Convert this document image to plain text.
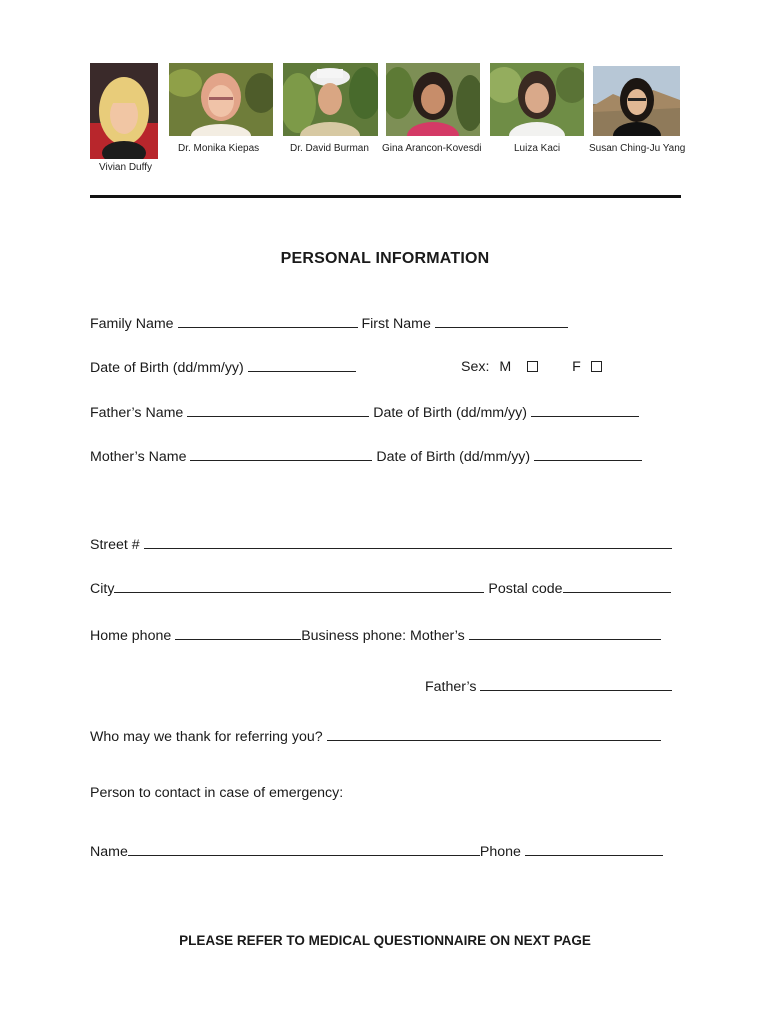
Vivian Duffy
Dr. Monika Kiepas	Dr. David Burman Gina Arancon-Kovesdi	Luiza Kaci	Susan Ching-Ju Yang
PERSONAL INFORMATION
Family Name	First Name
Date of Birth (dd/mm/yy)	Sex: M	F
Father’s Name	Date of Birth (dd/mm/yy)
Mother’s Name	Date of Birth (dd/mm/yy)
Street #
City	Postal code
Home phone	Business phone: Mother’s
Father’s
Who may we thank for referring you?
Person to contact in case of emergency:
Name	Phone
PLEASE REFER TO MEDICAL QUESTIONNAIRE ON NEXT PAGE
